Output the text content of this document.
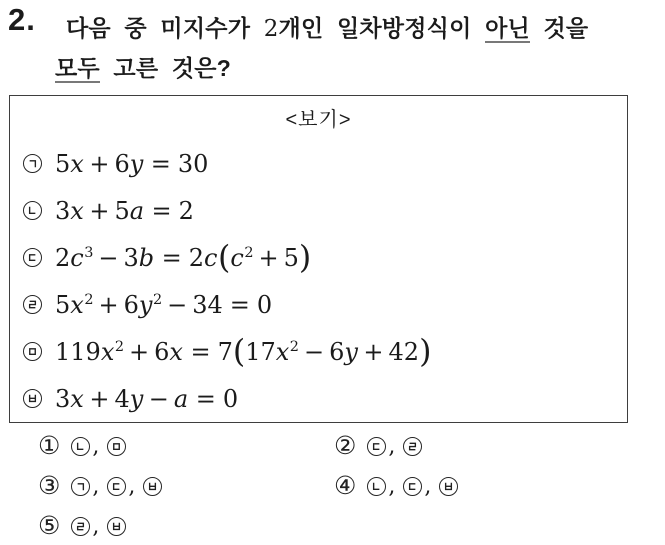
2.	다음 중 미지수가 2개인 일차방정식이 아닌 것을
모두 고른 것은?
<보기>
5x + 6y = 30
3x + 5a = 2
$2c^3 - 3b = 2c(c^2 + 5)$
$5x^2 + 6y^2 - 34 = 0$
$119x^2 + 6x = 7(17x^2 - 6y + 42)$
3x + 4y − a = 0
① ,	② ,
③ , ,	④ , ,
⑤ ,
